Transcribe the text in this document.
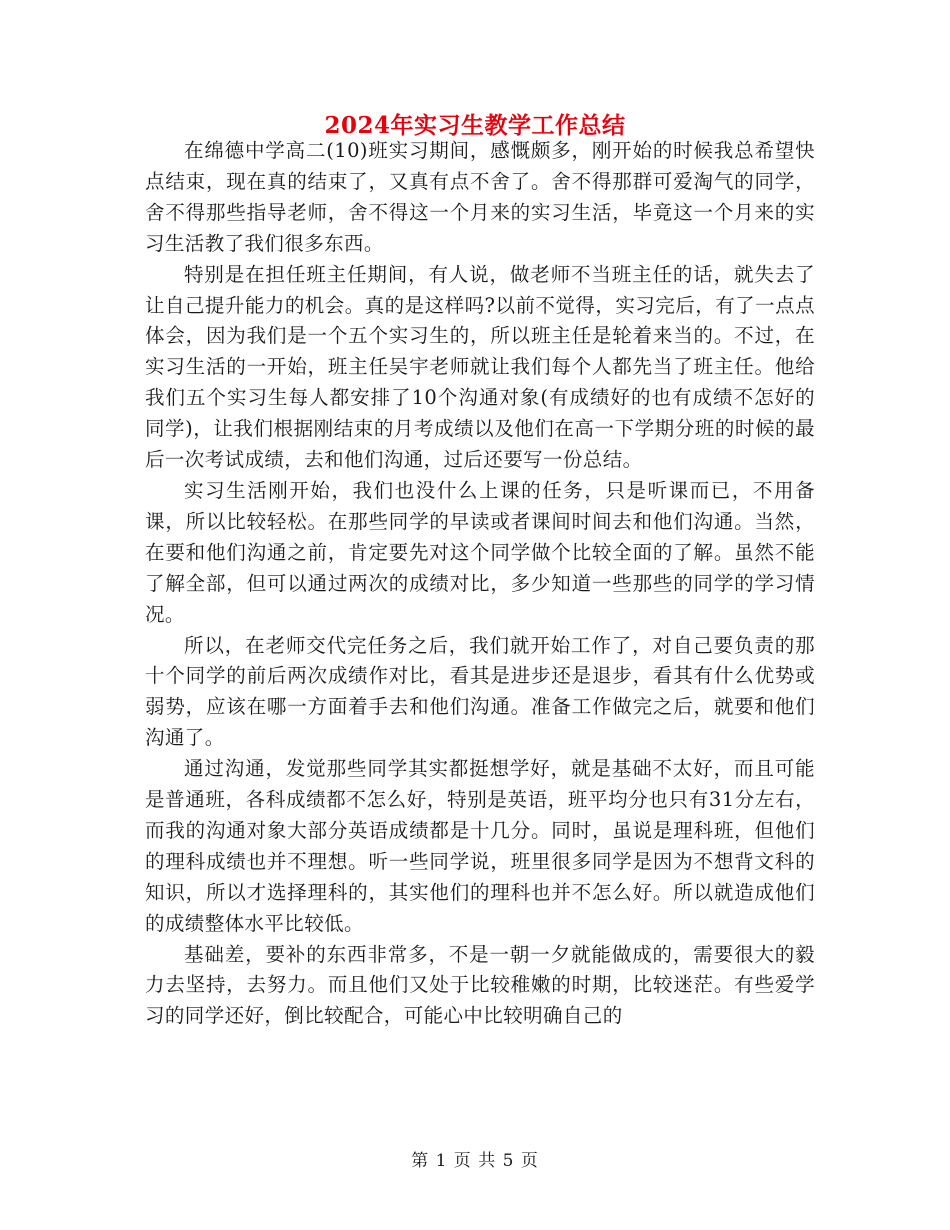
2024年实习生教学工作总结

在绵德中学高二(10)班实习期间，感慨颇多，刚开始的时候我总希望快点结束，现在真的结束了，又真有点不舍了。舍不得那群可爱淘气的同学，舍不得那些指导老师，舍不得这一个月来的实习生活，毕竟这一个月来的实习生活教了我们很多东西。

特别是在担任班主任期间，有人说，做老师不当班主任的话，就失去了让自己提升能力的机会。真的是这样吗?以前不觉得，实习完后，有了一点点体会，因为我们是一个五个实习生的，所以班主任是轮着来当的。不过，在实习生活的一开始，班主任吴宇老师就让我们每个人都先当了班主任。他给我们五个实习生每人都安排了10个沟通对象(有成绩好的也有成绩不怎好的同学)，让我们根据刚结束的月考成绩以及他们在高一下学期分班的时候的最后一次考试成绩，去和他们沟通，过后还要写一份总结。

实习生活刚开始，我们也没什么上课的任务，只是听课而已，不用备课，所以比较轻松。在那些同学的早读或者课间时间去和他们沟通。当然，在要和他们沟通之前，肯定要先对这个同学做个比较全面的了解。虽然不能了解全部，但可以通过两次的成绩对比，多少知道一些那些的同学的学习情况。

所以，在老师交代完任务之后，我们就开始工作了，对自己要负责的那十个同学的前后两次成绩作对比，看其是进步还是退步，看其有什么优势或弱势，应该在哪一方面着手去和他们沟通。准备工作做完之后，就要和他们沟通了。

通过沟通，发觉那些同学其实都挺想学好，就是基础不太好，而且可能是普通班，各科成绩都不怎么好，特别是英语，班平均分也只有31分左右，而我的沟通对象大部分英语成绩都是十几分。同时，虽说是理科班，但他们的理科成绩也并不理想。听一些同学说，班里很多同学是因为不想背文科的知识，所以才选择理科的，其实他们的理科也并不怎么好。所以就造成他们的成绩整体水平比较低。

基础差，要补的东西非常多，不是一朝一夕就能做成的，需要很大的毅力去坚持，去努力。而且他们又处于比较稚嫩的时期，比较迷茫。有些爱学习的同学还好，倒比较配合，可能心中比较明确自己的

第 1 页 共 5 页
